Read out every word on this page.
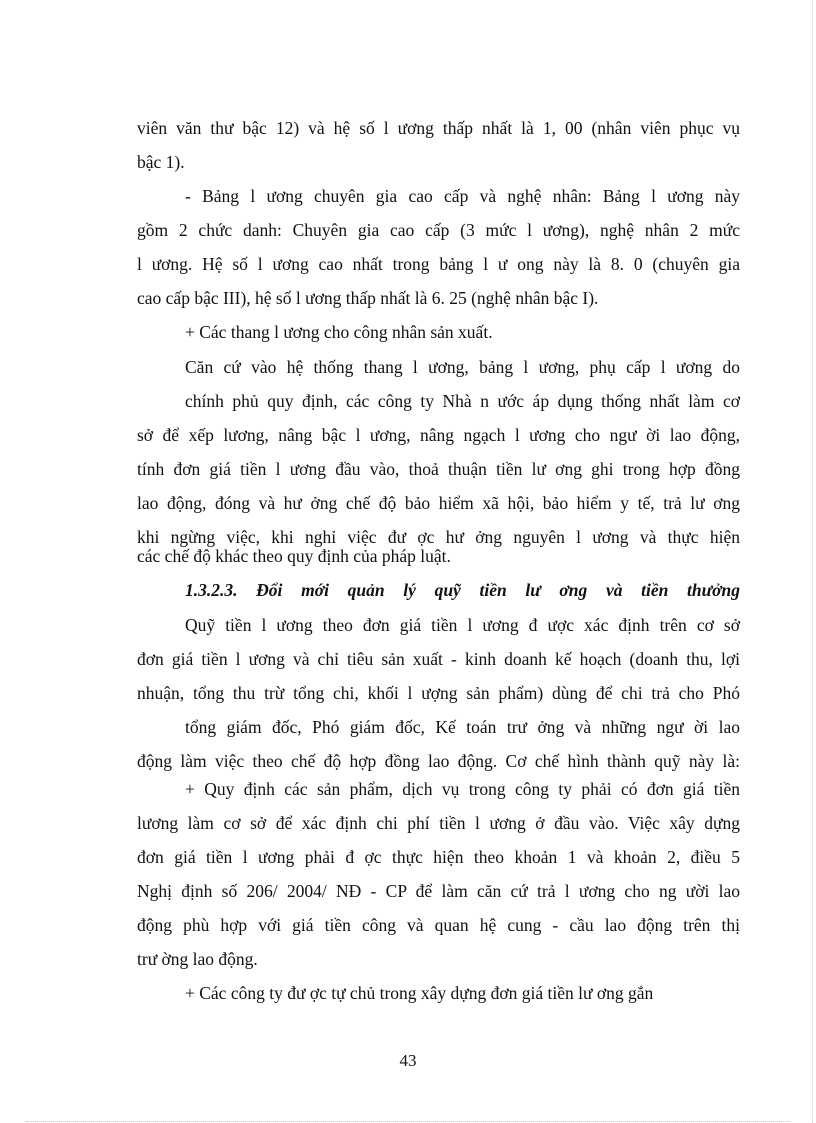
viên văn thư bậc 12) và hệ số l ương thấp nhất là 1, 00 (nhân viên phục vụ
bậc 1).
- Bảng l ương chuyên gia cao cấp và nghệ nhân: Bảng l ương này
gồm 2 chức danh: Chuyên gia cao cấp (3 mức l ương), nghệ nhân 2 mức
l ương. Hệ số l ương cao nhất trong bảng l ư ong này là 8. 0 (chuyên gia
cao cấp bậc III), hệ số l ương thấp nhất là 6. 25 (nghệ nhân bậc I).
+ Các thang l ương cho công nhân sản xuất.
Căn cứ vào hệ thống thang l ương, bảng l ương, phụ cấp l ương do
chính phủ quy định, các công ty Nhà n ước áp dụng thống nhất làm cơ
sở để xếp lương, nâng bậc l ương, nâng ngạch l ương cho ngư ời lao động,
tính đơn giá tiền l ương đầu vào, thoả thuận tiền lư ơng ghi trong hợp đồng
lao động, đóng và hư ởng chế độ bảo hiểm xã hội, bảo hiểm y tế, trả lư ơng
khi ngừng việc, khi nghỉ việc đư ợc hư ởng nguyên l ương và thực hiện
các chế độ khác theo quy định của pháp luật.
1.3.2.3. Đổi mới quản lý quỹ tiền lư ơng và tiền thưởng
Quỹ tiền l ương theo đơn giá tiền l ương đ ược xác định trên cơ sở
đơn giá tiền l ương và chỉ tiêu sản xuất - kinh doanh kế hoạch (doanh thu, lợi
nhuận, tổng thu trừ tổng chi, khối l ượng sản phẩm) dùng để chi trả cho Phó
tổng giám đốc, Phó giám đốc, Kế toán trư ởng và những ngư ời lao
động làm việc theo chế độ hợp đồng lao động. Cơ chế hình thành quỹ này là:
+ Quy định các sản phẩm, dịch vụ trong công ty phải có đơn giá tiền
lương làm cơ sở để xác định chi phí tiền l ương ở đầu vào. Việc xây dựng
đơn giá tiền l ương phải đ ợc thực hiện theo khoản 1 và khoản 2, điều 5
Nghị định số 206/ 2004/ NĐ - CP để làm căn cứ trả l ương cho ng ười lao
động phù hợp với giá tiền công và quan hệ cung - cầu lao động trên thị
trư ờng lao động.
+ Các công ty đư ợc tự chủ trong xây dựng đơn giá tiền lư ơng gắn
43
